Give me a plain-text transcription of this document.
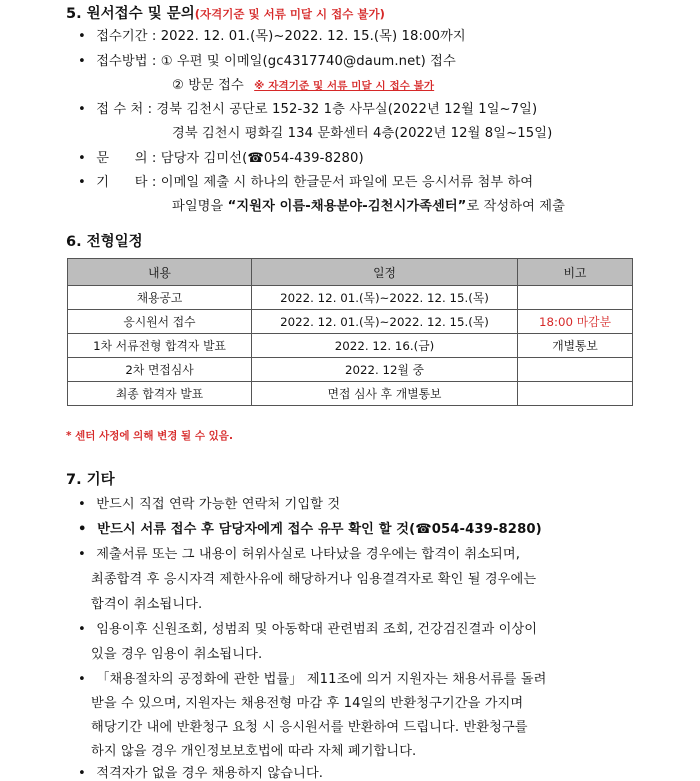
5. 원서접수 및 문의(자격기준 및 서류 미달 시 접수 불가)
• 접수기간 : 2022. 12. 01.(목)~2022. 12. 15.(목) 18:00까지
• 접수방법 : ① 우편 및 이메일(gc4317740@daum.net) 접수
② 방문 접수 ※ 자격기준 및 서류 미달 시 접수 불가
• 접 수 처 : 경북 김천시 공단로 152-32 1층 사무실(2022년 12월 1일~7일)
경북 김천시 평화길 134 문화센터 4층(2022년 12월 8일~15일)
• 문      의 : 담당자 김미선(☎054-439-8280)
• 기      타 : 이메일 제출 시 하나의 한글문서 파일에 모든 응시서류 첨부 하여
파일명을 “지원자 이름-채용분야-김천시가족센터”로 작성하여 제출
6. 전형일정
내용	일정	비고
채용공고	2022. 12. 01.(목)~2022. 12. 15.(목)	
응시원서 접수	2022. 12. 01.(목)~2022. 12. 15.(목)	18:00 마감분
1차 서류전형 합격자 발표	2022. 12. 16.(금)	개별통보
2차 면접심사	2022. 12월 중	
최종 합격자 발표	면접 심사 후 개별통보	
* 센터 사정에 의해 변경 될 수 있음.
7. 기타
• 반드시 직접 연락 가능한 연락처 기입할 것
• 반드시 서류 접수 후 담당자에게 접수 유무 확인 할 것(☎054-439-8280)
• 제출서류 또는 그 내용이 허위사실로 나타났을 경우에는 합격이 취소되며,
최종합격 후 응시자격 제한사유에 해당하거나 임용결격자로 확인 될 경우에는
합격이 취소됩니다.
• 임용이후 신원조회, 성범죄 및 아동학대 관련범죄 조회, 건강검진결과 이상이
있을 경우 임용이 취소됩니다.
• 「채용절차의 공정화에 관한 법률」 제11조에 의거 지원자는 채용서류를 돌려
받을 수 있으며, 지원자는 채용전형 마감 후 14일의 반환청구기간을 가지며
해당기간 내에 반환청구 요청 시 응시원서를 반환하여 드립니다. 반환청구를
하지 않을 경우 개인정보보호법에 따라 자체 폐기합니다.
• 적격자가 없을 경우 채용하지 않습니다.
